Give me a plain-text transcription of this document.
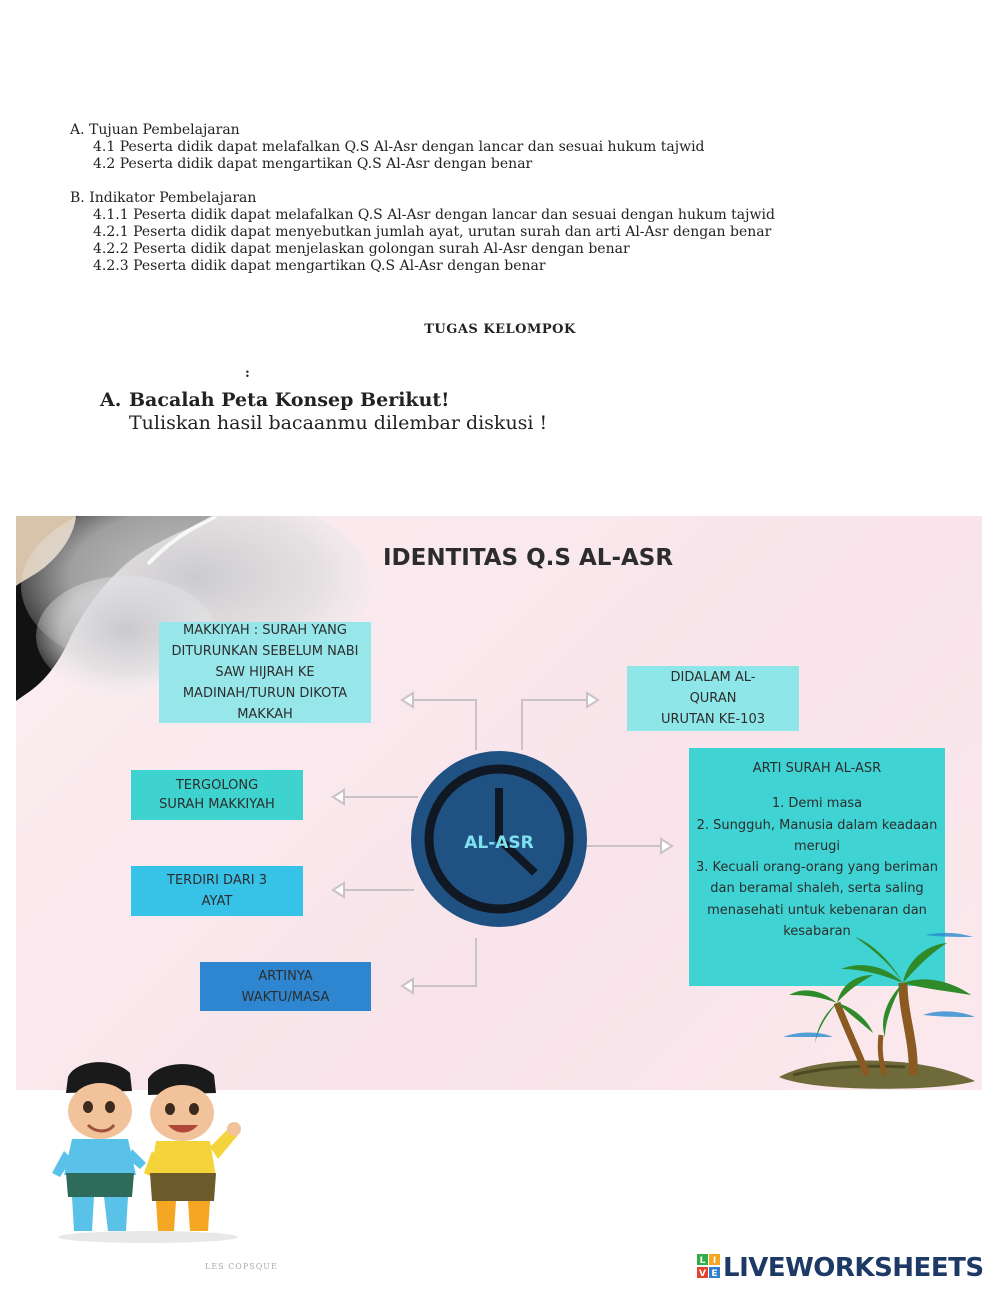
A. Tujuan Pembelajaran
4.1 Peserta didik dapat melafalkan Q.S Al-Asr dengan lancar dan sesuai hukum tajwid
4.2 Peserta didik dapat mengartikan Q.S Al-Asr dengan benar
B. Indikator Pembelajaran
4.1.1 Peserta didik dapat melafalkan Q.S Al-Asr dengan lancar dan sesuai dengan hukum tajwid
4.2.1 Peserta didik dapat menyebutkan jumlah ayat, urutan surah dan arti Al-Asr dengan benar
4.2.2 Peserta didik dapat menjelaskan golongan surah Al-Asr dengan benar
4.2.3 Peserta didik dapat mengartikan Q.S Al-Asr dengan benar
TUGAS KELOMPOK
:
A. Bacalah Peta Konsep Berikut!
Tuliskan hasil bacaanmu dilembar diskusi !
IDENTITAS Q.S AL-ASR
MAKKIYAH : SURAH YANG
DITURUNKAN SEBELUM NABI
SAW HIJRAH KE
MADINAH/TURUN DIKOTA
MAKKAH
DIDALAM AL-
QURAN
URUTAN KE-103
TERGOLONG
SURAH MAKKIYAH
TERDIRI DARI 3
AYAT
ARTINYA
WAKTU/MASA
ARTI SURAH AL-ASR
1. Demi masa
2. Sungguh, Manusia dalam keadaan
merugi
3. Kecuali orang-orang yang beriman
dan beramal shaleh, serta saling
menasehati untuk kebenaran dan
kesabaran
AL-ASR
LES COPSQUE
L I
V E LIVEWORKSHEETS
